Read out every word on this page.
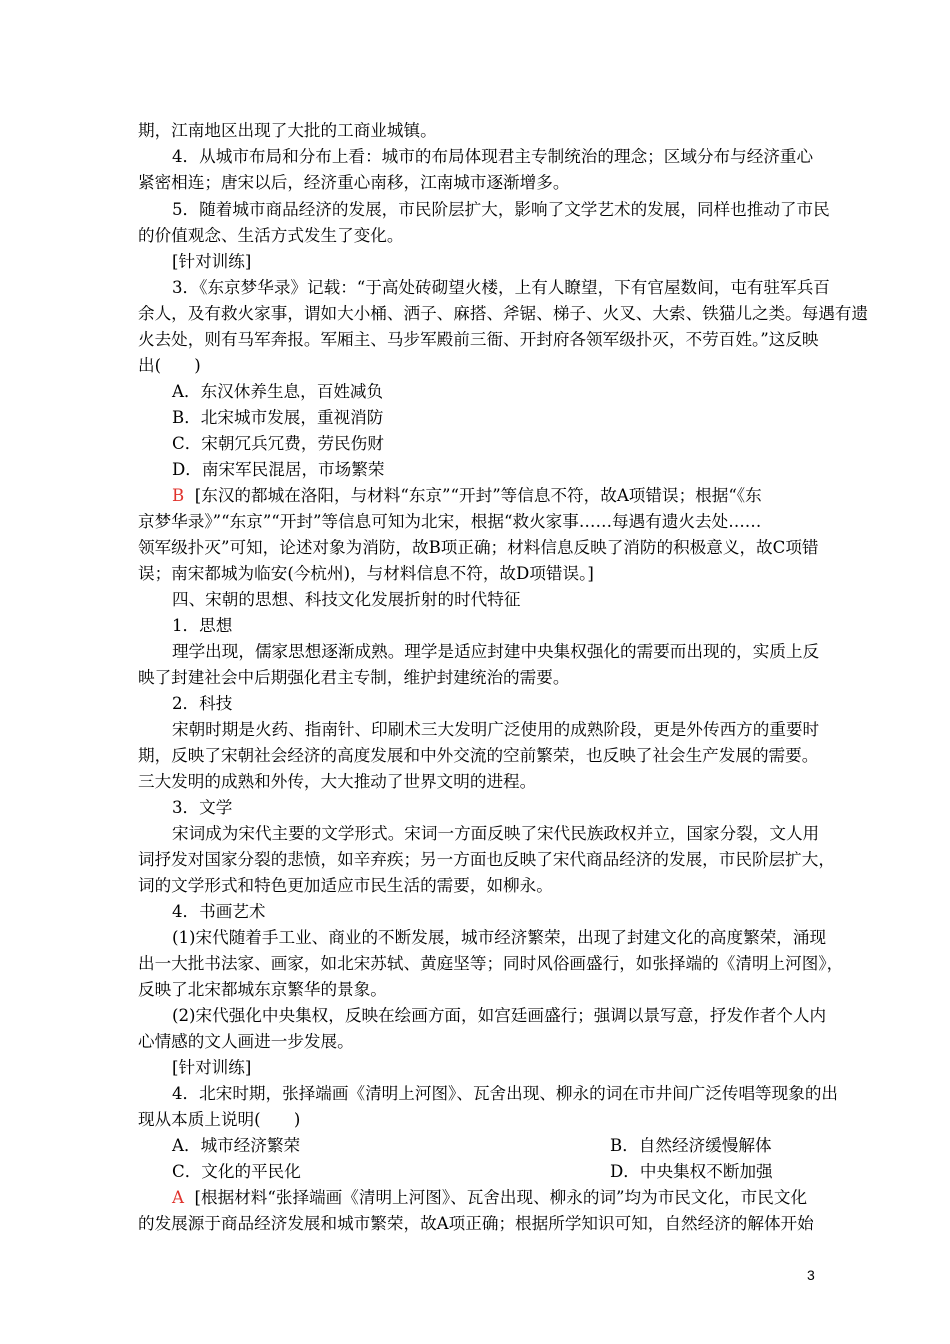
期，江南地区出现了大批的工商业城镇。
4．从城市布局和分布上看：城市的布局体现君主专制统治的理念；区域分布与经济重心
紧密相连；唐宋以后，经济重心南移，江南城市逐渐增多。
5．随着城市商品经济的发展，市民阶层扩大，影响了文学艺术的发展，同样也推动了市民
的价值观念、生活方式发生了变化。
[针对训练]
3．《东京梦华录》记载：“于高处砖砌望火楼，上有人瞭望，下有官屋数间，屯有驻军兵百
余人，及有救火家事，谓如大小桶、洒子、麻搭、斧锯、梯子、火叉、大索、铁猫儿之类。每遇有遗
火去处，则有马军奔报。军厢主、马步军殿前三衙、开封府各领军级扑灭，不劳百姓。”这反映
出(　　)
A．东汉休养生息，百姓减负
B．北宋城市发展，重视消防
C．宋朝冗兵冗费，劳民伤财
D．南宋军民混居，市场繁荣
B [东汉的都城在洛阳，与材料“东京”“开封”等信息不符，故A项错误；根据“《东
京梦华录》”“东京”“开封”等信息可知为北宋，根据“救火家事……每遇有遗火去处……
领军级扑灭”可知，论述对象为消防，故B项正确；材料信息反映了消防的积极意义，故C项错
误；南宋都城为临安(今杭州)，与材料信息不符，故D项错误。]
四、宋朝的思想、科技文化发展折射的时代特征
1．思想
理学出现，儒家思想逐渐成熟。理学是适应封建中央集权强化的需要而出现的，实质上反
映了封建社会中后期强化君主专制，维护封建统治的需要。
2．科技
宋朝时期是火药、指南针、印刷术三大发明广泛使用的成熟阶段，更是外传西方的重要时
期，反映了宋朝社会经济的高度发展和中外交流的空前繁荣，也反映了社会生产发展的需要。
三大发明的成熟和外传，大大推动了世界文明的进程。
3．文学
宋词成为宋代主要的文学形式。宋词一方面反映了宋代民族政权并立，国家分裂，文人用
词抒发对国家分裂的悲愤，如辛弃疾；另一方面也反映了宋代商品经济的发展，市民阶层扩大，
词的文学形式和特色更加适应市民生活的需要，如柳永。
4．书画艺术
(1)宋代随着手工业、商业的不断发展，城市经济繁荣，出现了封建文化的高度繁荣，涌现
出一大批书法家、画家，如北宋苏轼、黄庭坚等；同时风俗画盛行，如张择端的《清明上河图》，
反映了北宋都城东京繁华的景象。
(2)宋代强化中央集权，反映在绘画方面，如宫廷画盛行；强调以景写意，抒发作者个人内
心情感的文人画进一步发展。
[针对训练]
4．北宋时期，张择端画《清明上河图》、瓦舍出现、柳永的词在市井间广泛传唱等现象的出
现从本质上说明(　　)
A．城市经济繁荣	B．自然经济缓慢解体
C．文化的平民化	D．中央集权不断加强
A [根据材料“张择端画《清明上河图》、瓦舍出现、柳永的词”均为市民文化，市民文化
的发展源于商品经济发展和城市繁荣，故A项正确；根据所学知识可知，自然经济的解体开始
3
